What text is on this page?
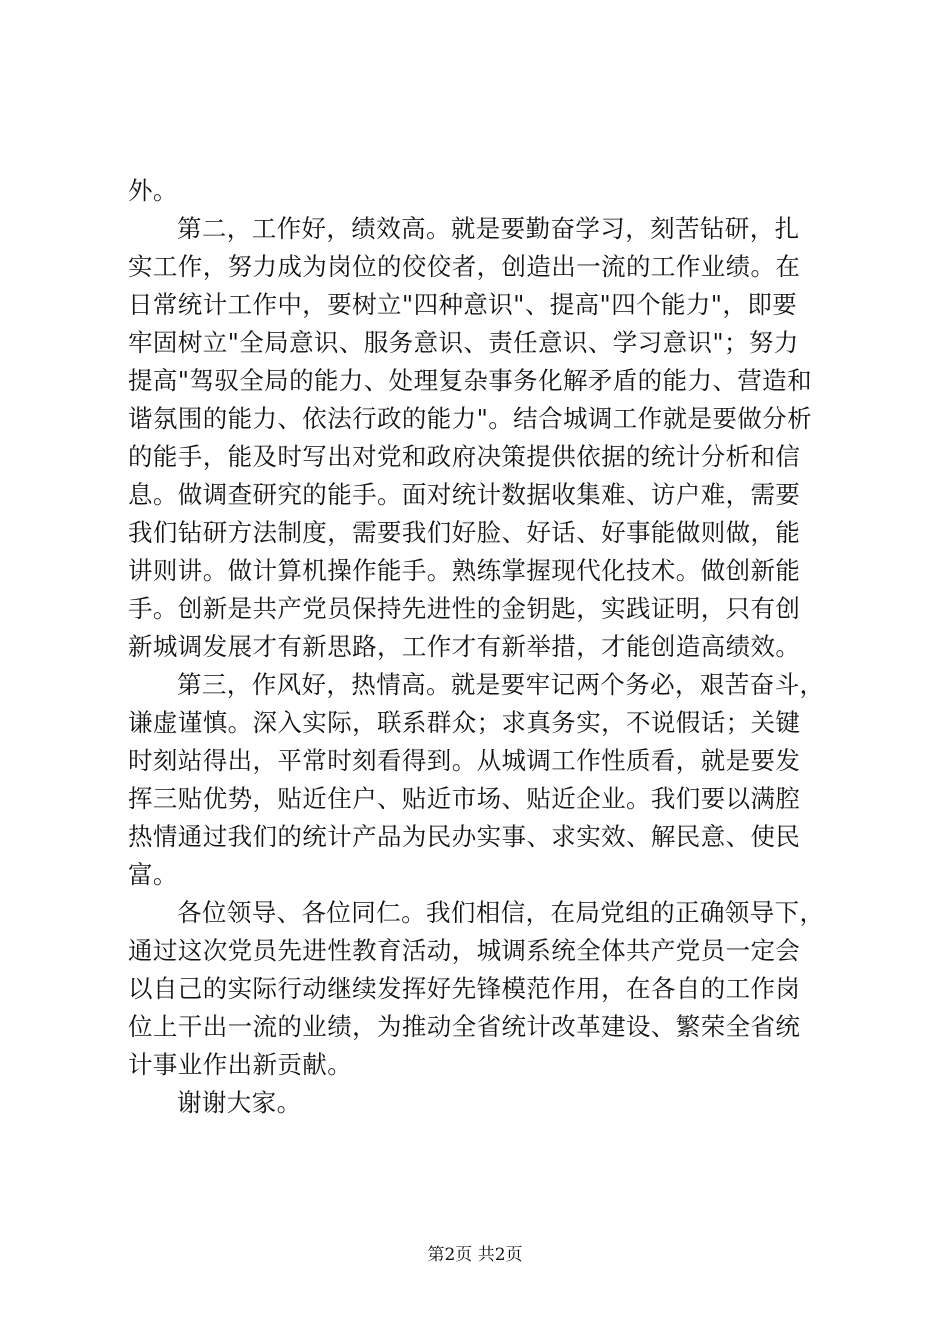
外。
第二，工作好，绩效高。就是要勤奋学习，刻苦钻研，扎
实工作，努力成为岗位的佼佼者，创造出一流的工作业绩。在
日常统计工作中，要树立"四种意识"、提高"四个能力"，即要
牢固树立"全局意识、服务意识、责任意识、学习意识"；努力
提高"驾驭全局的能力、处理复杂事务化解矛盾的能力、营造和
谐氛围的能力、依法行政的能力"。结合城调工作就是要做分析
的能手，能及时写出对党和政府决策提供依据的统计分析和信
息。做调查研究的能手。面对统计数据收集难、访户难，需要
我们钻研方法制度，需要我们好脸、好话、好事能做则做，能
讲则讲。做计算机操作能手。熟练掌握现代化技术。做创新能
手。创新是共产党员保持先进性的金钥匙，实践证明，只有创
新城调发展才有新思路，工作才有新举措，才能创造高绩效。
第三，作风好，热情高。就是要牢记两个务必，艰苦奋斗，
谦虚谨慎。深入实际，联系群众；求真务实，不说假话；关键
时刻站得出，平常时刻看得到。从城调工作性质看，就是要发
挥三贴优势，贴近住户、贴近市场、贴近企业。我们要以满腔
热情通过我们的统计产品为民办实事、求实效、解民意、使民
富。
各位领导、各位同仁。我们相信，在局党组的正确领导下，
通过这次党员先进性教育活动，城调系统全体共产党员一定会
以自己的实际行动继续发挥好先锋模范作用，在各自的工作岗
位上干出一流的业绩，为推动全省统计改革建设、繁荣全省统
计事业作出新贡献。
谢谢大家。
第2页 共2页
